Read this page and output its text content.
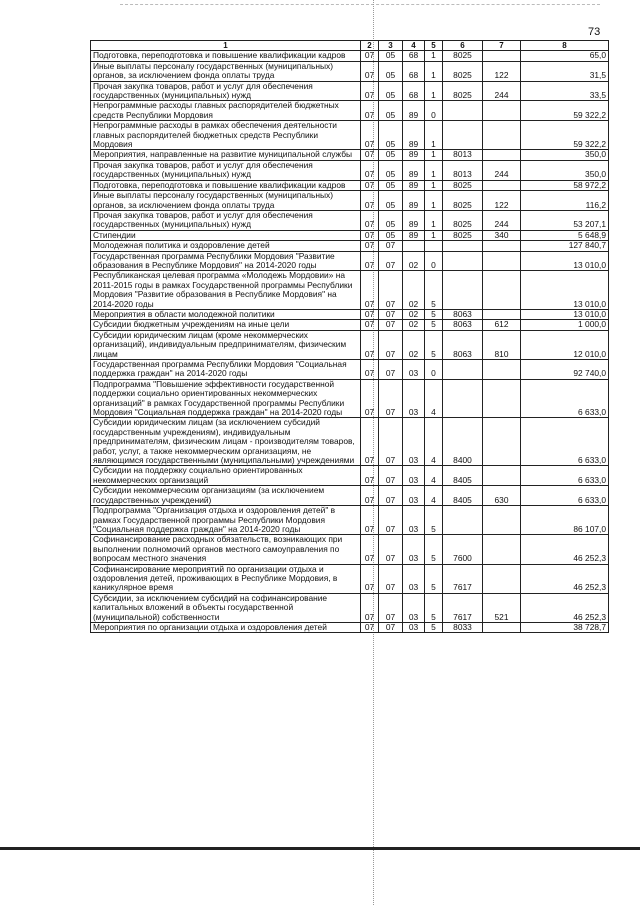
73
1	2	3	4	5	6	7	8
Подготовка, переподготовка и повышение квалификации кадров	07	05	68	1	8025		65,0
Иные выплаты персоналу государственных (муниципальных) органов, за исключением фонда оплаты труда	07	05	68	1	8025	122	31,5
Прочая закупка товаров, работ и услуг для обеспечения государственных (муниципальных) нужд	07	05	68	1	8025	244	33,5
Непрограммные расходы главных распорядителей бюджетных средств Республики Мордовия	07	05	89	0			59 322,2
Непрограммные расходы в рамках обеспечения деятельности главных распорядителей бюджетных средств Республики Мордовия	07	05	89	1			59 322,2
Мероприятия, направленные на развитие муниципальной службы	07	05	89	1	8013		350,0
Прочая закупка товаров, работ и услуг для обеспечения государственных (муниципальных) нужд	07	05	89	1	8013	244	350,0
Подготовка, переподготовка и повышение квалификации кадров	07	05	89	1	8025		58 972,2
Иные выплаты персоналу государственных (муниципальных) органов, за исключением фонда оплаты труда	07	05	89	1	8025	122	116,2
Прочая закупка товаров, работ и услуг для обеспечения государственных (муниципальных) нужд	07	05	89	1	8025	244	53 207,1
Стипендии	07	05	89	1	8025	340	5 648,9
Молодежная политика и оздоровление детей	07	07					127 840,7
Государственная программа Республики Мордовия "Развитие образования в Республике Мордовия" на 2014-2020 годы	07	07	02	0			13 010,0
Республиканская целевая программа «Молодежь Мордовии» на 2011-2015 годы в рамках Государственной программы Республики Мордовия "Развитие образования в Республике Мордовия" на 2014-2020 годы	07	07	02	5			13 010,0
Мероприятия в области молодежной политики	07	07	02	5	8063		13 010,0
Субсидии бюджетным учреждениям на иные цели	07	07	02	5	8063	612	1 000,0
Субсидии юридическим лицам (кроме некоммерческих организаций), индивидуальным предпринимателям, физическим лицам	07	07	02	5	8063	810	12 010,0
Государственная программа Республики Мордовия "Социальная поддержка граждан" на 2014-2020 годы	07	07	03	0			92 740,0
Подпрограмма "Повышение эффективности государственной поддержки социально ориентированных некоммерческих организаций" в рамках Государственной программы Республики Мордовия "Социальная поддержка граждан" на 2014-2020 годы	07	07	03	4			6 633,0
Субсидии юридическим лицам (за исключением субсидий государственным учреждениям), индивидуальным предпринимателям, физическим лицам - производителям товаров, работ, услуг, а также некоммерческим организациям, не являющимся государственными (муниципальными) учреждениями	07	07	03	4	8400		6 633,0
Субсидии на поддержку социально ориентированных некоммерческих организаций	07	07	03	4	8405		6 633,0
Субсидии некоммерческим организациям (за исключением государственных учреждений)	07	07	03	4	8405	630	6 633,0
Подпрограмма "Организация отдыха и оздоровления детей" в рамках Государственной программы Республики Мордовия "Социальная поддержка граждан" на 2014-2020 годы	07	07	03	5			86 107,0
Софинансирование расходных обязательств, возникающих при выполнении полномочий органов местного самоуправления по вопросам местного значения	07	07	03	5	7600		46 252,3
Софинансирование мероприятий по организации отдыха и оздоровления детей, проживающих в Республике Мордовия, в каникулярное время	07	07	03	5	7617		46 252,3
Субсидии, за исключением субсидий на софинансирование капитальных вложений в объекты государственной (муниципальной) собственности	07	07	03	5	7617	521	46 252,3
Мероприятия по организации отдыха и оздоровления детей	07	07	03	5	8033		38 728,7
